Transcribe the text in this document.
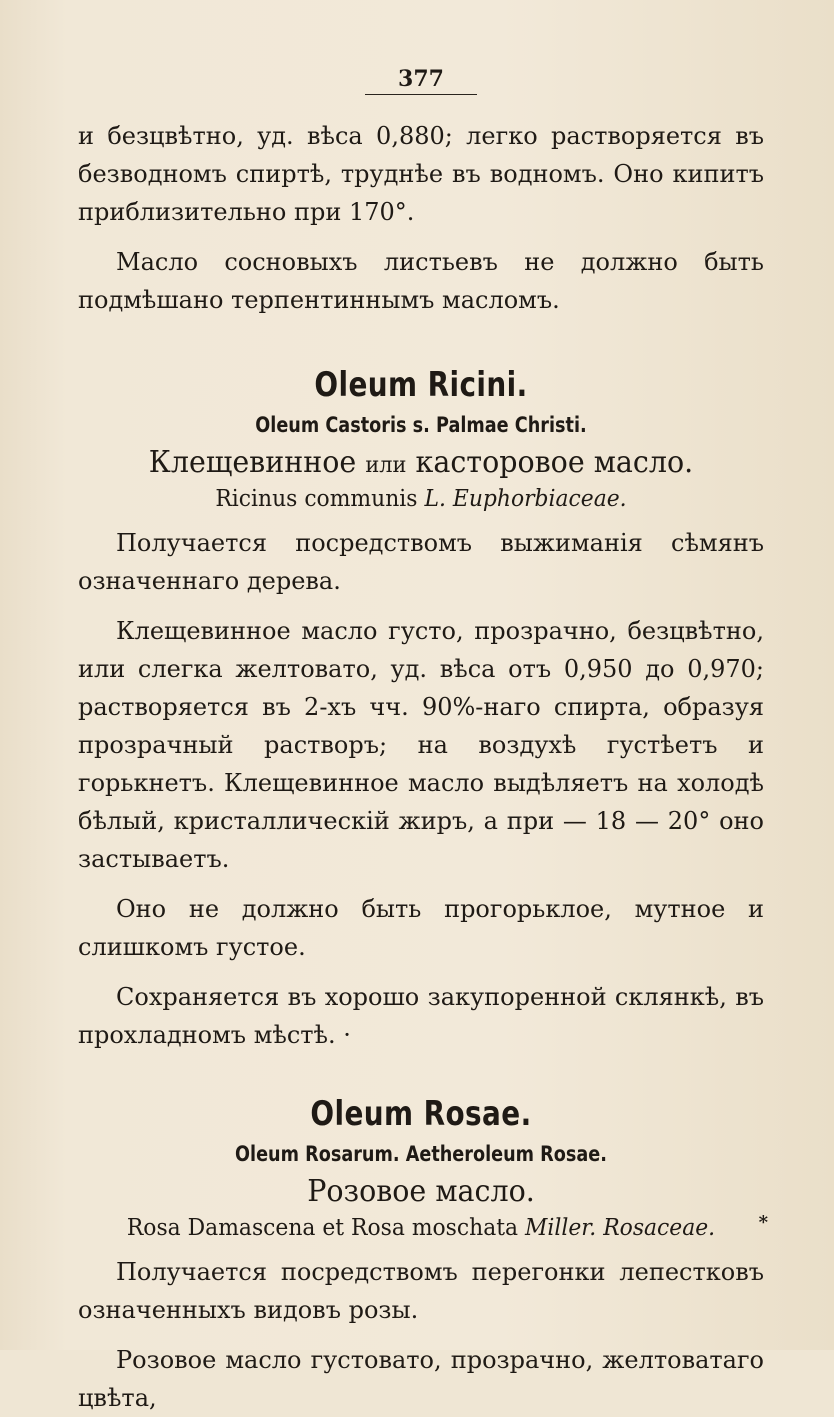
377

и безцвѣтно, уд. вѣса 0,880; легко растворяется въ безводномъ спиртѣ, труднѣе въ водномъ. Оно кипитъ приблизительно при 170°.

Масло сосновыхъ листьевъ не должно быть подмѣшано терпентиннымъ масломъ.

Oleum Ricini.
Oleum Castoris s. Palmae Christi.
Клещевинное или касторовое масло.
Ricinus communis L. Euphorbiaceae.

Получается посредствомъ выжиманія сѣмянъ означеннаго дерева.

Клещевинное масло густо, прозрачно, безцвѣтно, или слегка желтовато, уд. вѣса отъ 0,950 до 0,970; растворяется въ 2-хъ чч. 90%-наго спирта, образуя прозрачный растворъ; на воздухѣ густѣетъ и горькнетъ. Клещевинное масло выдѣляетъ на холодѣ бѣлый, кристаллическій жиръ, а при — 18 — 20° оно застываетъ.

Оно не должно быть прогорьклое, мутное и слишкомъ густое.

Сохраняется въ хорошо закупоренной склянкѣ, въ прохладномъ мѣстѣ. ·

Oleum Rosae.
Oleum Rosarum. Aetheroleum Rosae.
Розовое масло.
Rosa Damascena et Rosa moschata Miller. Rosaceae.

Получается посредствомъ перегонки лепестковъ означенныхъ видовъ розы.

Розовое масло густовато, прозрачно, желтоватаго цвѣта,

*
